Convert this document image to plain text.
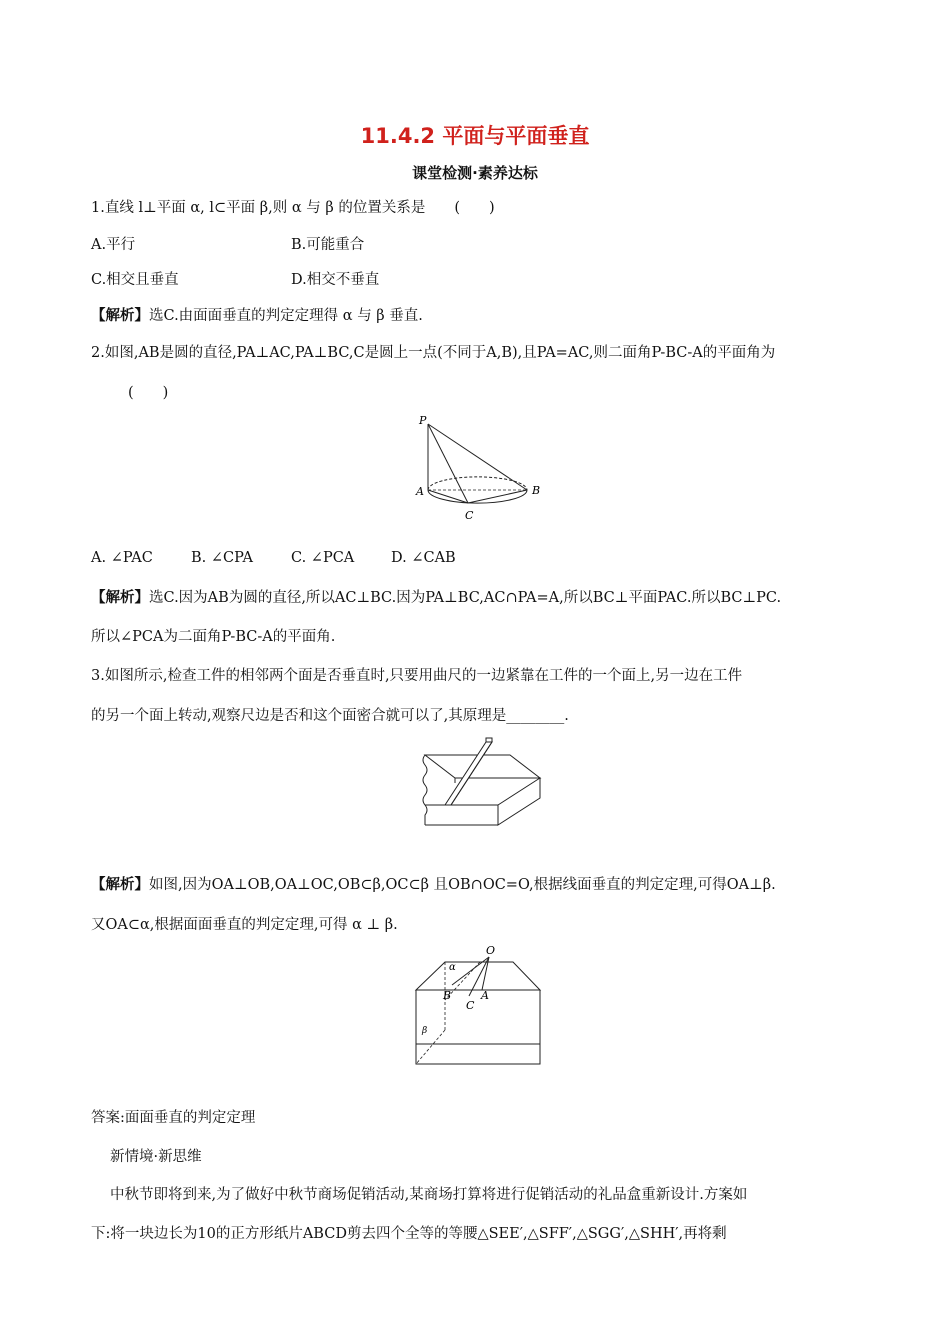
11.4.2 平面与平面垂直
课堂检测·素养达标
1.直线 l⊥平面 α, l⊂平面 β,则 α 与 β 的位置关系是　　(　　)
A.平行	B.可能重合
C.相交且垂直	D.相交不垂直
【解析】选C.由面面垂直的判定定理得 α 与 β 垂直.
2.如图,AB是圆的直径,PA⊥AC,PA⊥BC,C是圆上一点(不同于A,B),且PA=AC,则二面角P-BC-A的平面角为
(　　)
P
A	B
C
A. ∠PAC	B. ∠CPA	C. ∠PCA	D. ∠CAB
【解析】选C.因为AB为圆的直径,所以AC⊥BC.因为PA⊥BC,AC∩PA=A,所以BC⊥平面PAC.所以BC⊥PC.
所以∠PCA为二面角P-BC-A的平面角.
3.如图所示,检查工件的相邻两个面是否垂直时,只要用曲尺的一边紧靠在工件的一个面上,另一边在工件
的另一个面上转动,观察尺边是否和这个面密合就可以了,其原理是________.
【解析】如图,因为OA⊥OB,OA⊥OC,OB⊂β,OC⊂β 且OB∩OC=O,根据线面垂直的判定定理,可得OA⊥β.
又OA⊂α,根据面面垂直的判定定理,可得 α ⊥ β.
O
α
B	A
C
β
答案:面面垂直的判定定理
新情境·新思维
中秋节即将到来,为了做好中秋节商场促销活动,某商场打算将进行促销活动的礼品盒重新设计.方案如
下:将一块边长为10的正方形纸片ABCD剪去四个全等的等腰△SEE′,△SFF′,△SGG′,△SHH′,再将剩
